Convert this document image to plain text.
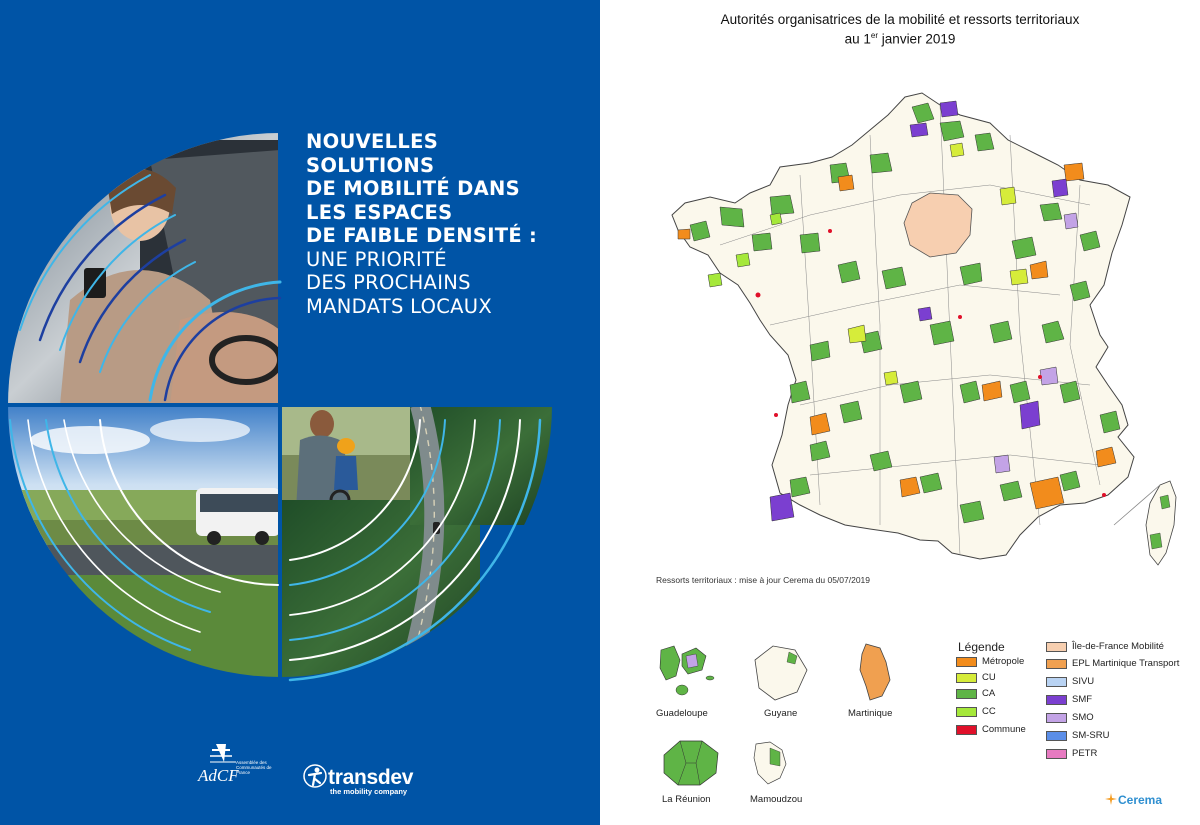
NOUVELLES
SOLUTIONS
DE MOBILITÉ DANS
LES ESPACES
DE FAIBLE DENSITÉ :
UNE PRIORITÉ
DES PROCHAINS
MANDATS LOCAUX
AdCF
Assemblée des Communautés de France	transdev
the mobility company
Autorités organisatrices de la mobilité et ressorts territoriaux
au 1er janvier 2019
Ressorts territoriaux : mise à jour Cerema du 05/07/2019
Guadeloupe	Guyane	Martinique
La Réunion	Mamoudzou
Légende
Métropole
CU
CA
CC
Commune
Île-de-France Mobilité
EPL Martinique Transport
SIVU
SMF
SMO
SM-SRU
PETR
Cerema
